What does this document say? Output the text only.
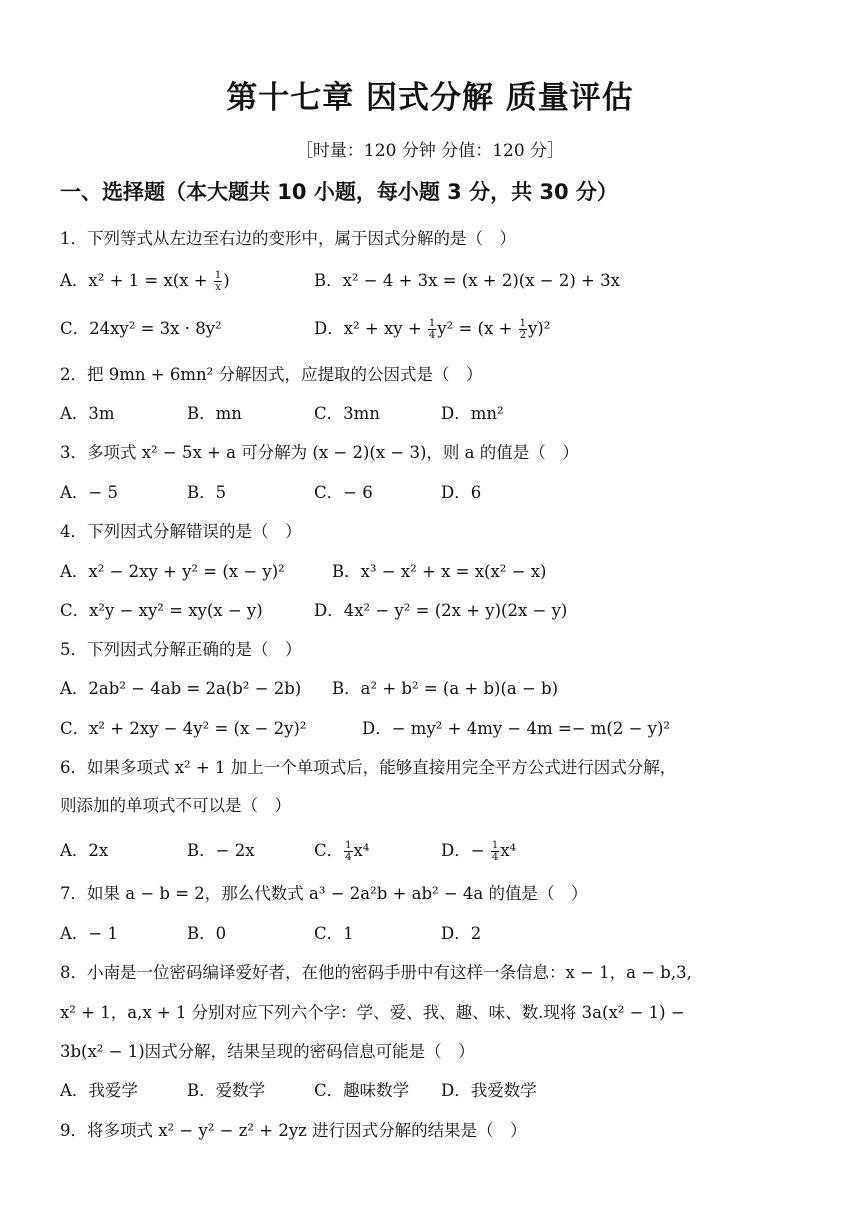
第十七章 因式分解 质量评估
［时量：120 分钟 分值：120 分］
一、选择题（本大题共 10 小题，每小题 3 分，共 30 分）
1．下列等式从左边至右边的变形中，属于因式分解的是（　）
A．$x^2 + 1 = x(x + \frac{1}{x}$ )	B．x² − 4 + 3x = (x + 2)(x − 2) + 3x
C．24xy² = 3x · 8y²	D．x² + xy + $\frac{1}{4} y^2 = (x + \frac{1}{2} y)^2$
2．把 9mn + 6mn² 分解因式，应提取的公因式是（　）
A．3m	B．mn	C．3mn	D．mn²
3．多项式 x² − 5x + a 可分解为 (x − 2)(x − 3)，则 a 的值是（　）
A．− 5	B．5	C．− 6	D．6
4．下列因式分解错误的是（　）
A．x² − 2xy + y² = (x − y)²	B．x³ − x² + x = x(x² − x)
C．x²y − xy² = xy(x − y)	D．4x² − y² = (2x + y)(2x − y)
5．下列因式分解正确的是（　）
A．2ab² − 4ab = 2a(b² − 2b) B．a² + b² = (a + b)(a − b)
C．x² + 2xy − 4y² = (x − 2y)²	D．− my² + 4my − 4m =− m(2 − y)²
6．如果多项式 x² + 1 加上一个单项式后，能够直接用完全平方公式进行因式分解，
则添加的单项式不可以是（　）
A．2x	B．− 2x	C． $\frac{1}{4} x^4$	D．− $\frac{1}{4} x^4$
7．如果 a − b = 2，那么代数式 a³ − 2a²b + ab² − 4a 的值是（　）
A．− 1	B．0	C．1	D．2
8．小南是一位密码编译爱好者，在他的密码手册中有这样一条信息：x − 1，a − b,3,
x² + 1，a,x + 1 分别对应下列六个字：学、爱、我、趣、味、数.现将 3a(x² − 1) −
3b(x² − 1)因式分解，结果呈现的密码信息可能是（　）
A．我爱学	B．爱数学	C．趣味数学 D．我爱数学
9．将多项式 x² − y² − z² + 2yz 进行因式分解的结果是（　）
